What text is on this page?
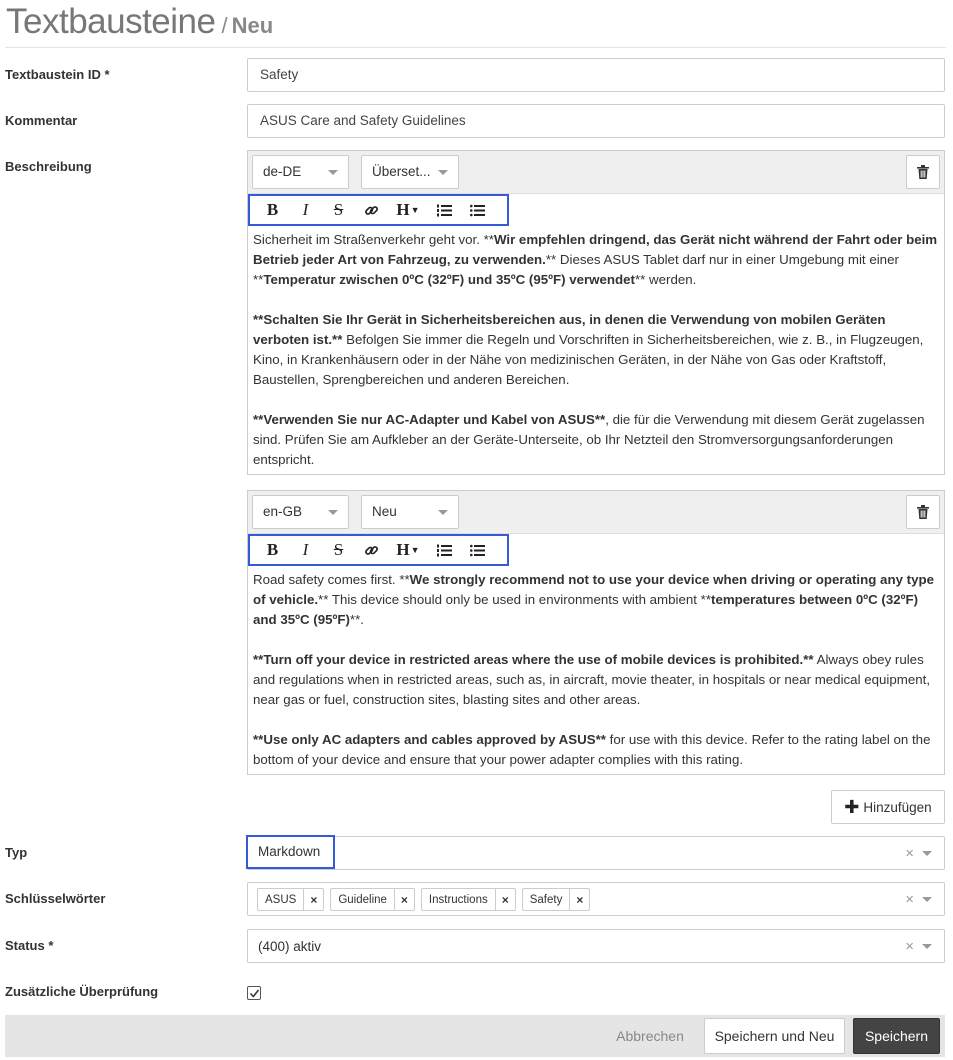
Textbausteine / Neu
Textbaustein ID *	Safety
Kommentar	ASUS Care and Safety Guidelines
Beschreibung	de-DE	Überset...
B	I	S	H ▼

Sicherheit im Straßenverkehr geht vor. **Wir empfehlen dringend, das Gerät nicht während der Fahrt oder beim Betrieb jeder Art von Fahrzeug, zu verwenden.** Dieses ASUS Tablet darf nur in einer Umgebung mit einer **Temperatur zwischen 0ºC (32ºF) und 35ºC (95ºF) verwendet** werden.

**Schalten Sie Ihr Gerät in Sicherheitsbereichen aus, in denen die Verwendung von mobilen Geräten verboten ist.** Befolgen Sie immer die Regeln und Vorschriften in Sicherheitsbereichen, wie z. B., in Flugzeugen, Kino, in Krankenhäusern oder in der Nähe von medizinischen Geräten, in der Nähe von Gas oder Kraftstoff, Baustellen, Sprengbereichen und anderen Bereichen.

**Verwenden Sie nur AC-Adapter und Kabel von ASUS**, die für die Verwendung mit diesem Gerät zugelassen sind. Prüfen Sie am Aufkleber an der Geräte-Unterseite, ob Ihr Netzteil den Stromversorgungsanforderungen entspricht.

en-GB	Neu
B	I	S	H ▼

Road safety comes first. **We strongly recommend not to use your device when driving or operating any type of vehicle.** This device should only be used in environments with ambient **temperatures between 0ºC (32ºF) and 35ºC (95ºF)**.

**Turn off your device in restricted areas where the use of mobile devices is prohibited.** Always obey rules and regulations when in restricted areas, such as, in aircraft, movie theater, in hospitals or near medical equipment, near gas or fuel, construction sites, blasting sites and other areas.

**Use only AC adapters and cables approved by ASUS** for use with this device. Refer to the rating label on the bottom of your device and ensure that your power adapter complies with this rating.

✚ Hinzufügen
Typ	Markdown	×
Schlüsselwörter	ASUS	×	Guideline	×	Instructions	×	Safety	×	×
Status *	(400) aktiv	×
Zusätzliche Überprüfung
Abbrechen	Speichern und Neu	Speichern
